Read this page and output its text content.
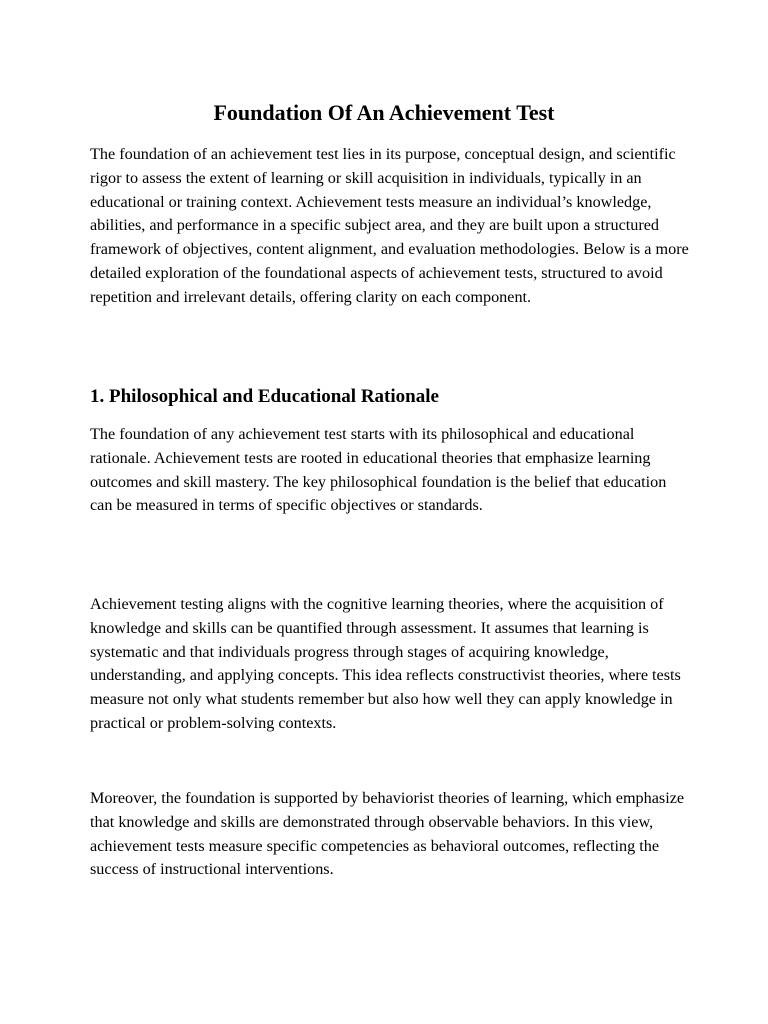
Foundation Of An Achievement Test

The foundation of an achievement test lies in its purpose, conceptual design, and scientific rigor to assess the extent of learning or skill acquisition in individuals, typically in an educational or training context. Achievement tests measure an individual’s knowledge, abilities, and performance in a specific subject area, and they are built upon a structured framework of objectives, content alignment, and evaluation methodologies. Below is a more detailed exploration of the foundational aspects of achievement tests, structured to avoid repetition and irrelevant details, offering clarity on each component.

1. Philosophical and Educational Rationale

The foundation of any achievement test starts with its philosophical and educational rationale. Achievement tests are rooted in educational theories that emphasize learning outcomes and skill mastery. The key philosophical foundation is the belief that education can be measured in terms of specific objectives or standards.

Achievement testing aligns with the cognitive learning theories, where the acquisition of knowledge and skills can be quantified through assessment. It assumes that learning is systematic and that individuals progress through stages of acquiring knowledge, understanding, and applying concepts. This idea reflects constructivist theories, where tests measure not only what students remember but also how well they can apply knowledge in practical or problem-solving contexts.

Moreover, the foundation is supported by behaviorist theories of learning, which emphasize that knowledge and skills are demonstrated through observable behaviors. In this view, achievement tests measure specific competencies as behavioral outcomes, reflecting the success of instructional interventions.
